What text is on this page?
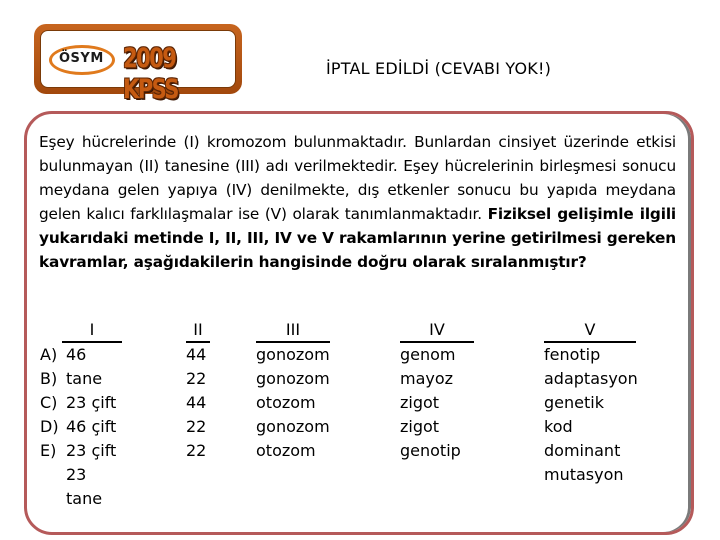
ÖSYM 2009 KPSS
İPTAL EDİLDİ (CEVABI YOK!)

Eşey hücrelerinde (I) kromozom bulunmaktadır. Bunlardan cinsiyet üzerinde etkisi bulunmayan (II) tanesine (III) adı verilmektedir. Eşey hücrelerinin birleşmesi sonucu meydana gelen yapıya (IV) denilmekte, dış etkenler sonucu bu yapıda meydana gelen kalıcı farklılaşmalar ise (V) olarak tanımlanmaktadır. Fiziksel gelişimle ilgili yukarıdaki metinde I, II, III, IV ve V rakamlarının yerine getirilmesi gereken kavramlar, aşağıdakilerin hangisinde doğru olarak sıralanmıştır?

A)
B)
C)
D)
E)
I
46 tane
23 çift
46 çift
23 çift
23 tane
II
44
22
44
22
22
III
gonozom
gonozom
otozom
gonozom
otozom
IV
genom
mayoz
zigot
zigot
genotip
V
fenotip
adaptasyon
genetik kod
dominant
mutasyon
